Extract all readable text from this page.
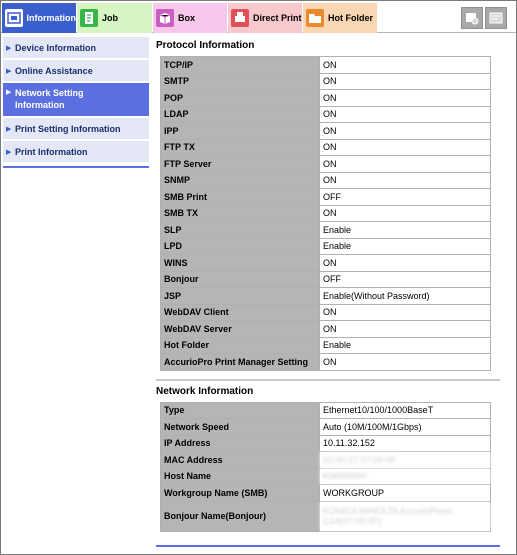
Information	Job	Box	Direct Print	Hot Folder
▶ Device Information
▶ Online Assistance
▶ Network Setting Information
▶ Print Setting Information
▶ Print Information
Protocol Information
TCP/IP	ON
SMTP	ON
POP	ON
LDAP	ON
IPP	ON
FTP TX	ON
FTP Server	ON
SNMP	ON
SMB Print	OFF
SMB TX	ON
SLP	Enable
LPD	Enable
WINS	ON
Bonjour	OFF
JSP	Enable(Without Password)
WebDAV Client	ON
WebDAV Server	ON
Hot Folder	Enable
AccurioPro Print Manager Setting	ON
Network Information
Type	Ethernet10/100/1000BaseT
Network Speed	Auto (10M/100M/1Gbps)
IP Address	10.11.32.152
MAC Address	00:00:27:07:00:0F
Host Name	KM000000
Workgroup Name (SMB)	WORKGROUP
Bonjour Name(Bonjour)	KONICA MINOLTA AccurioPress C14(07:00:0F)
